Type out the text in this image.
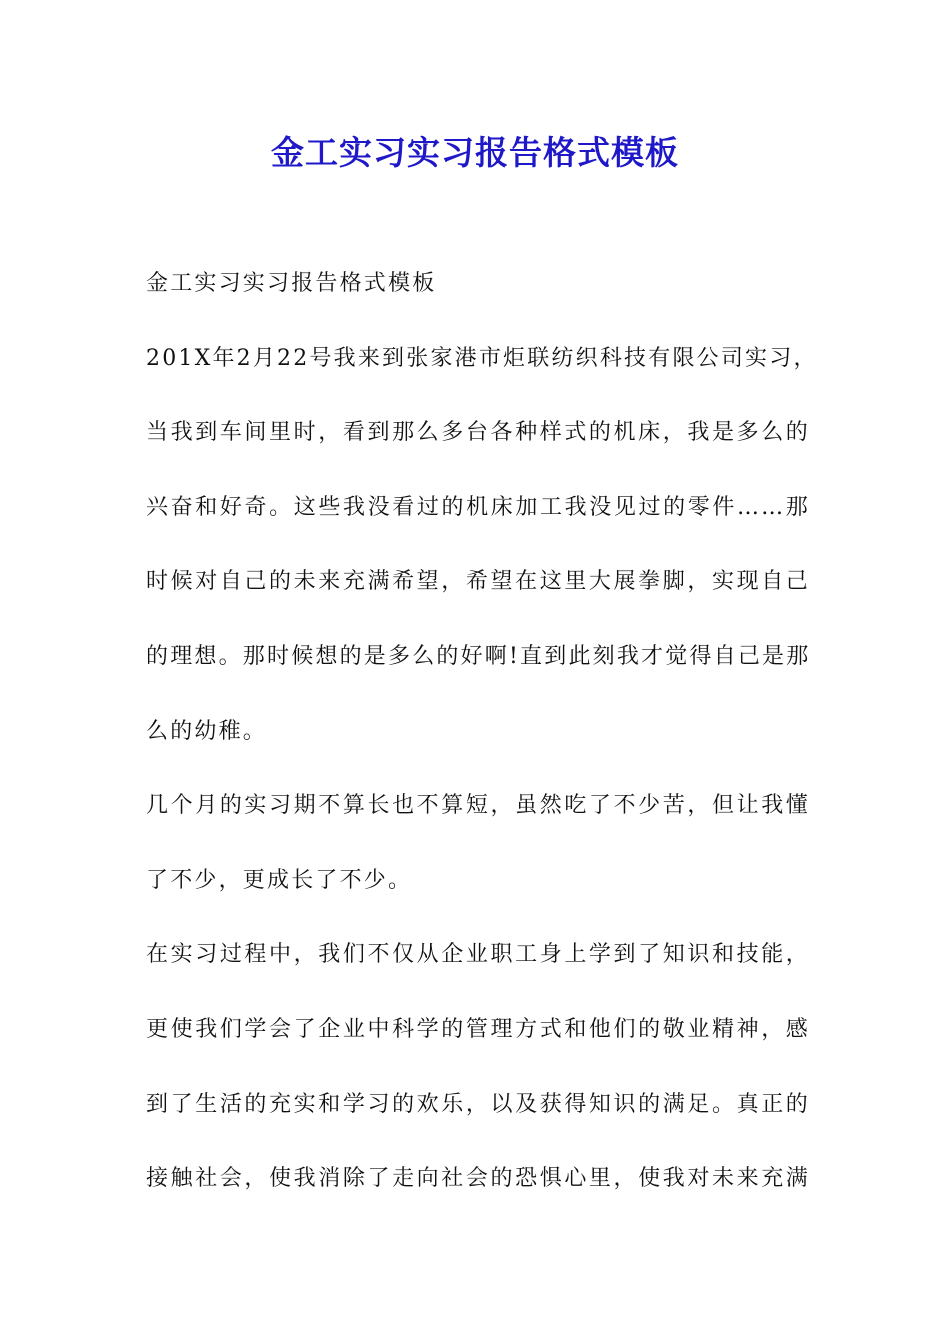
金工实习实习报告格式模板
金工实习实习报告格式模板
201X年2月22号我来到张家港市炬联纺织科技有限公司实习，
当我到车间里时，看到那么多台各种样式的机床，我是多么的
兴奋和好奇。这些我没看过的机床加工我没见过的零件……那
时候对自己的未来充满希望，希望在这里大展拳脚，实现自己
的理想。那时候想的是多么的好啊!直到此刻我才觉得自己是那
么的幼稚。
几个月的实习期不算长也不算短，虽然吃了不少苦，但让我懂
了不少，更成长了不少。
在实习过程中，我们不仅从企业职工身上学到了知识和技能，
更使我们学会了企业中科学的管理方式和他们的敬业精神，感
到了生活的充实和学习的欢乐，以及获得知识的满足。真正的
接触社会，使我消除了走向社会的恐惧心里，使我对未来充满
